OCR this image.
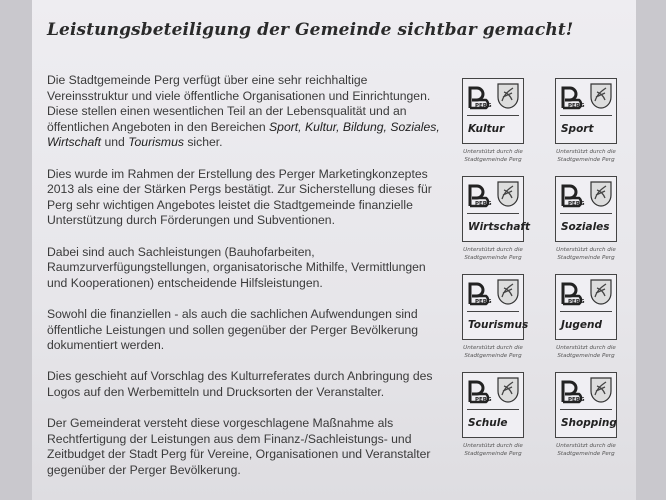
Leistungsbeteiligung der Gemeinde sichtbar gemacht!

Die Stadtgemeinde Perg verfügt über eine sehr reichhaltige Vereinsstruktur und viele öffentliche Organisationen und Einrichtungen. Diese stellen einen wesentlichen Teil an der Lebensqualität und an öffentlichen Angeboten in den Bereichen Sport, Kultur, Bildung, Soziales, Wirtschaft und Tourismus sicher.

Dies wurde im Rahmen der Erstellung des Perger Marketingkonzeptes 2013 als eine der Stärken Pergs bestätigt. Zur Sicherstellung dieses für Perg sehr wichtigen Angebotes leistet die Stadtgemeinde finanzielle Unterstützung durch Förderungen und Subventionen.

Dabei sind auch Sachleistungen (Bauhofarbeiten, Raumzurverfügungstellungen, organisatorische Mithilfe, Vermittlungen und Kooperationen) entscheidende Hilfsleistungen.

Sowohl die finanziellen - als auch die sachlichen Aufwendungen sind öffentliche Leistungen und sollen gegenüber der Perger Bevölkerung dokumentiert werden.

Dies geschieht auf Vorschlag des Kulturreferates durch Anbringung des Logos auf den Werbemitteln und Drucksorten der Veranstalter.

Der Gemeinderat versteht diese vorgeschlagene Maßnahme als Rechtfertigung der Leistungen aus dem Finanz-/Sachleistungs- und Zeitbudget der Stadt Perg für Vereine, Organisationen und Veranstalter gegenüber der Perger Bevölkerung.

PERG
Kultur
Unterstützt durch die Stadtgemeinde Perg
PERG
Sport
Unterstützt durch die Stadtgemeinde Perg
PERG
Wirtschaft
Unterstützt durch die Stadtgemeinde Perg
PERG
Soziales
Unterstützt durch die Stadtgemeinde Perg
PERG
Tourismus
Unterstützt durch die Stadtgemeinde Perg
PERG
Jugend
Unterstützt durch die Stadtgemeinde Perg
PERG
Schule
Unterstützt durch die Stadtgemeinde Perg
PERG
Shopping
Unterstützt durch die Stadtgemeinde Perg
